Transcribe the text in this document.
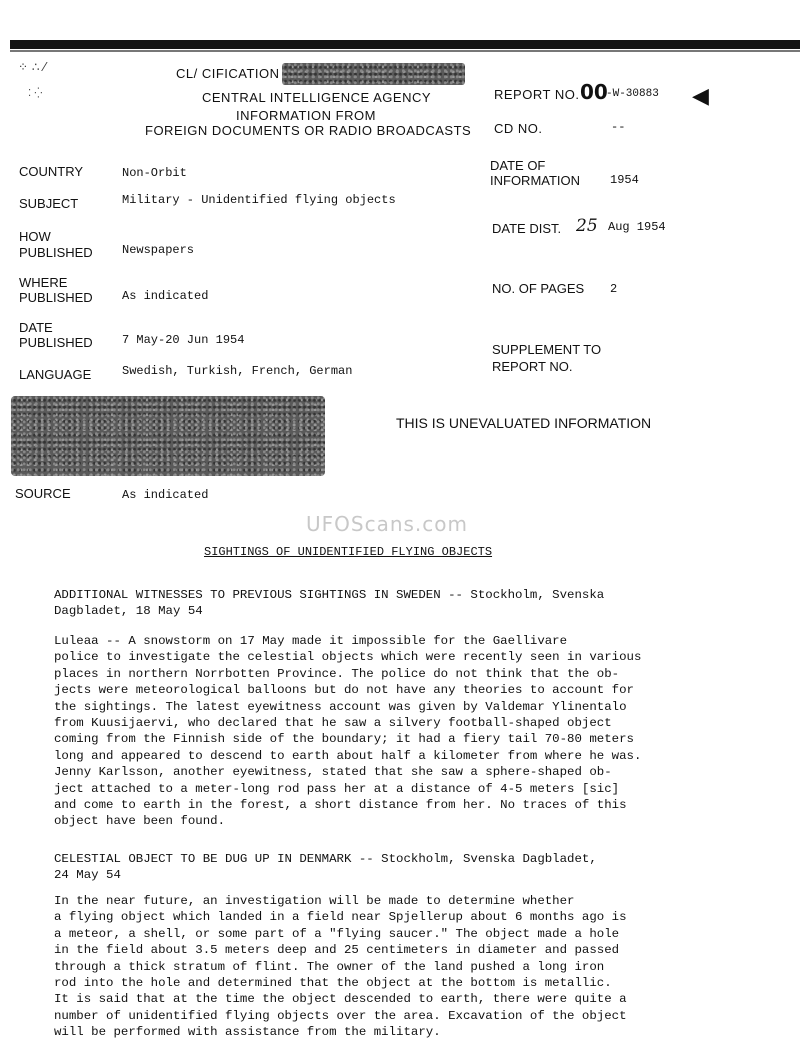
⁘ ∴ ⁄
⁚ ⁛
CL/ CIFICATION
CENTRAL INTELLIGENCE AGENCY
INFORMATION FROM
FOREIGN DOCUMENTS OR RADIO BROADCASTS
REPORT NO. 00
-W-30883 ◀
CD NO.	--
COUNTRY	Non-Orbit
SUBJECT	Military - Unidentified flying objects
HOW
PUBLISHED Newspapers
WHERE
PUBLISHED As indicated
DATE
PUBLISHED 7 May-20 Jun 1954
LANGUAGE	Swedish, Turkish, French, German
DATE OF
INFORMATION 1954
DATE DIST. 25 Aug 1954
NO. OF PAGES 2
SUPPLEMENT TO
REPORT NO.
THIS IS UNEVALUATED INFORMATION
SOURCE	As indicated
UFOScans.com
SIGHTINGS OF UNIDENTIFIED FLYING OBJECTS

ADDITIONAL WITNESSES TO PREVIOUS SIGHTINGS IN SWEDEN -- Stockholm, Svenska

Dagbladet, 18 May 54

Luleaa -- A snowstorm on 17 May made it impossible for the Gaellivare

police to investigate the celestial objects which were recently seen in various

places in northern Norrbotten Province. The police do not think that the ob-

jects were meteorological balloons but do not have any theories to account for

the sightings. The latest eyewitness account was given by Valdemar Ylinentalo

from Kuusijaervi, who declared that he saw a silvery football-shaped object

coming from the Finnish side of the boundary; it had a fiery tail 70-80 meters

long and appeared to descend to earth about half a kilometer from where he was.

Jenny Karlsson, another eyewitness, stated that she saw a sphere-shaped ob-

ject attached to a meter-long rod pass her at a distance of 4-5 meters [sic]

and come to earth in the forest, a short distance from her. No traces of this

object have been found.

CELESTIAL OBJECT TO BE DUG UP IN DENMARK -- Stockholm, Svenska Dagbladet,

24 May 54

In the near future, an investigation will be made to determine whether

a flying object which landed in a field near Spjellerup about 6 months ago is

a meteor, a shell, or some part of a "flying saucer." The object made a hole

in the field about 3.5 meters deep and 25 centimeters in diameter and passed

through a thick stratum of flint. The owner of the land pushed a long iron

rod into the hole and determined that the object at the bottom is metallic.

It is said that at the time the object descended to earth, there were quite a

number of unidentified flying objects over the area. Excavation of the object

will be performed with assistance from the military.
